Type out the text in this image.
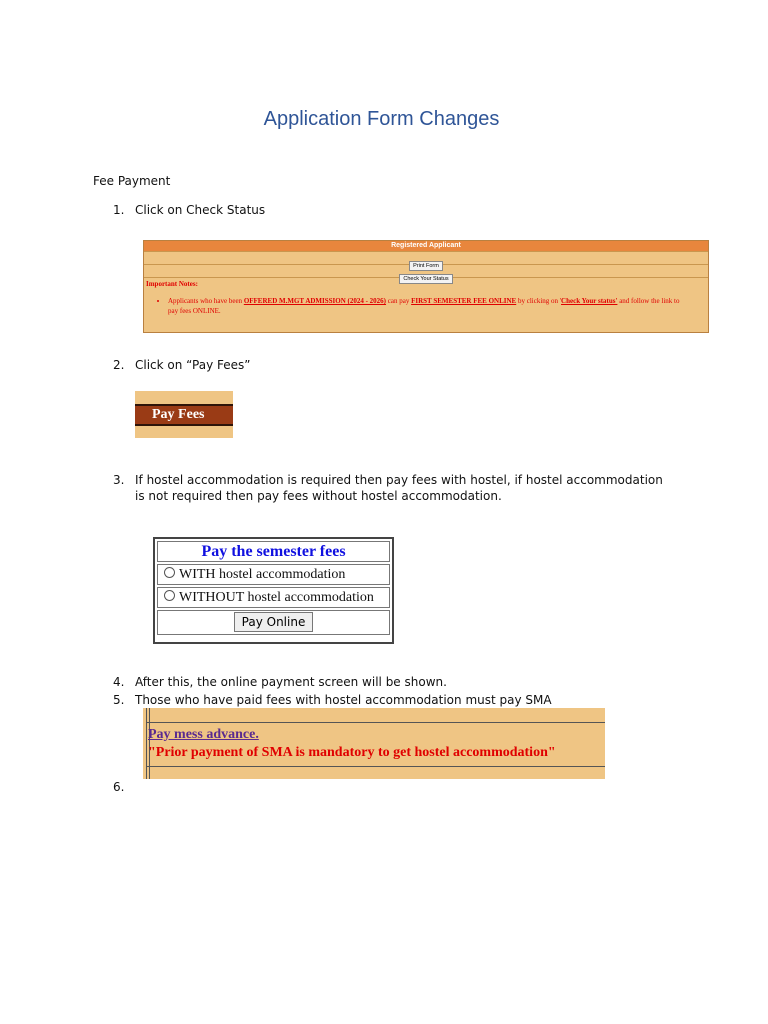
Application Form Changes
Fee Payment
1. Click on Check Status
Registered Applicant
Print Form
Check Your Status
Important Notes:
• Applicants who have been OFFERED M.MGT ADMISSION (2024 - 2026) can pay FIRST SEMESTER FEE ONLINE by clicking on 'Check Your status' and follow the link to pay fees ONLINE.
2. Click on “Pay Fees”
Pay Fees
3. If hostel accommodation is required then pay fees with hostel, if hostel accommodation is not required then pay fees without hostel accommodation.
Pay the semester fees
WITH hostel accommodation
WITHOUT hostel accommodation
Pay Online
4. After this, the online payment screen will be shown.
5. Those who have paid fees with hostel accommodation must pay SMA
Pay mess advance.
"Prior payment of SMA is mandatory to get hostel accommodation"
6.
